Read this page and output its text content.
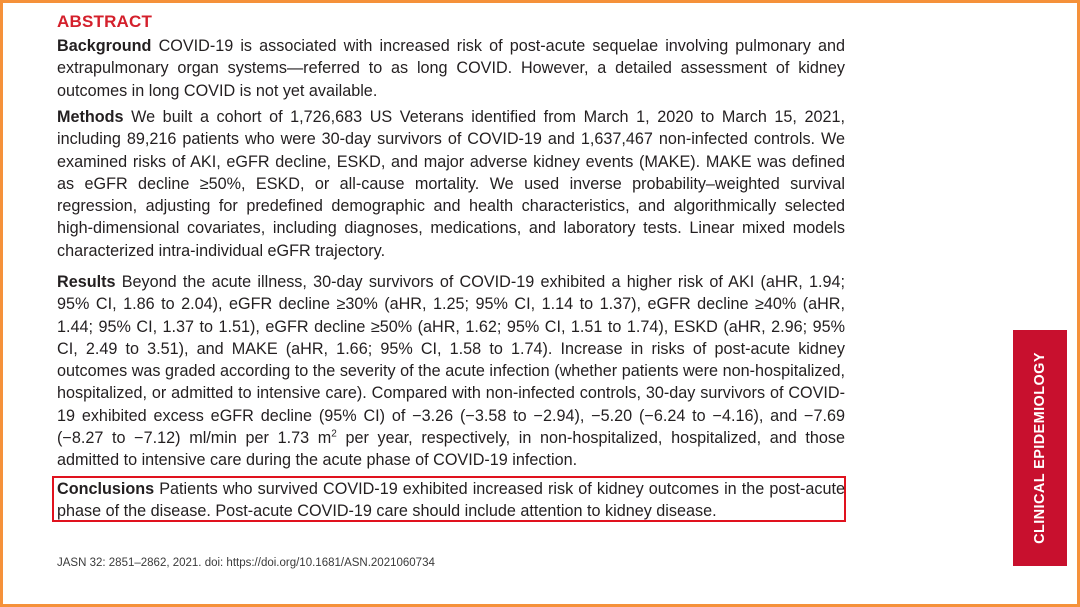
ABSTRACT
Background COVID-19 is associated with increased risk of post-acute sequelae involving pulmonary and extrapulmonary organ systems—referred to as long COVID. However, a detailed assessment of kidney outcomes in long COVID is not yet available.
Methods We built a cohort of 1,726,683 US Veterans identified from March 1, 2020 to March 15, 2021, including 89,216 patients who were 30-day survivors of COVID-19 and 1,637,467 non-infected controls. We examined risks of AKI, eGFR decline, ESKD, and major adverse kidney events (MAKE). MAKE was defined as eGFR decline ≥50%, ESKD, or all-cause mortality. We used inverse probability–weighted survival regression, adjusting for predefined demographic and health characteristics, and algorithmically selected high-dimensional covariates, including diagnoses, medications, and laboratory tests. Linear mixed models characterized intra-individual eGFR trajectory.
Results Beyond the acute illness, 30-day survivors of COVID-19 exhibited a higher risk of AKI (aHR, 1.94; 95% CI, 1.86 to 2.04), eGFR decline ≥30% (aHR, 1.25; 95% CI, 1.14 to 1.37), eGFR decline ≥40% (aHR, 1.44; 95% CI, 1.37 to 1.51), eGFR decline ≥50% (aHR, 1.62; 95% CI, 1.51 to 1.74), ESKD (aHR, 2.96; 95% CI, 2.49 to 3.51), and MAKE (aHR, 1.66; 95% CI, 1.58 to 1.74). Increase in risks of post-acute kidney outcomes was graded according to the severity of the acute infection (whether patients were non-hospitalized, hospitalized, or admitted to intensive care). Compared with non-infected controls, 30-day survivors of COVID-19 exhibited excess eGFR decline (95% CI) of −3.26 (−3.58 to −2.94), −5.20 (−6.24 to −4.16), and −7.69 (−8.27 to −7.12) ml/min per 1.73 $m^2$ per year, respectively, in non-hospitalized, hospitalized, and those admitted to intensive care during the acute phase of COVID-19 infection.
Conclusions Patients who survived COVID-19 exhibited increased risk of kidney outcomes in the post-acute phase of the disease. Post-acute COVID-19 care should include attention to kidney disease.
JASN 32: 2851–2862, 2021. doi: https://doi.org/10.1681/ASN.2021060734
CLINICAL EPIDEMIOLOGY
